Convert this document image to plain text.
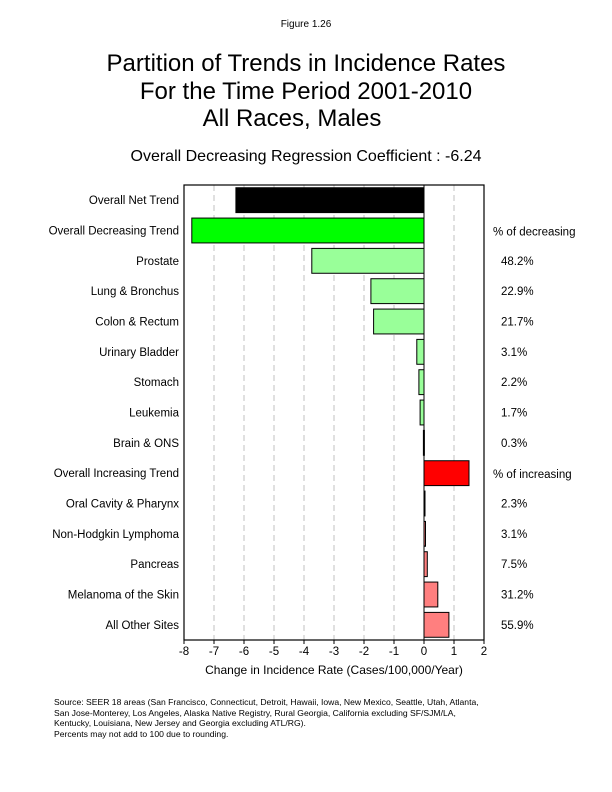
Figure 1.26
Partition of Trends in Incidence Rates
For the Time Period 2001-2010
All Races, Males
Overall Decreasing Regression Coefficient : -6.24
Overall Net Trend
Overall Decreasing Trend	% of decreasing
Prostate	48.2%
Lung & Bronchus	22.9%
Colon & Rectum	21.7%
Urinary Bladder	3.1%
Stomach	2.2%
Leukemia	1.7%
Brain & ONS	0.3%
Overall Increasing Trend	% of increasing
Oral Cavity & Pharynx	2.3%
Non-Hodgkin Lymphoma	3.1%
Pancreas	7.5%
Melanoma of the Skin	31.2%
All Other Sites	55.9%
-8 -7 -6 -5 -4 -3 -2 -1 0 1 2
Change in Incidence Rate (Cases/100,000/Year)
Source: SEER 18 areas (San Francisco, Connecticut, Detroit, Hawaii, Iowa, New Mexico, Seattle, Utah, Atlanta,
San Jose-Monterey, Los Angeles, Alaska Native Registry, Rural Georgia, California excluding SF/SJM/LA,
Kentucky, Louisiana, New Jersey and Georgia excluding ATL/RG).
Percents may not add to 100 due to rounding.
